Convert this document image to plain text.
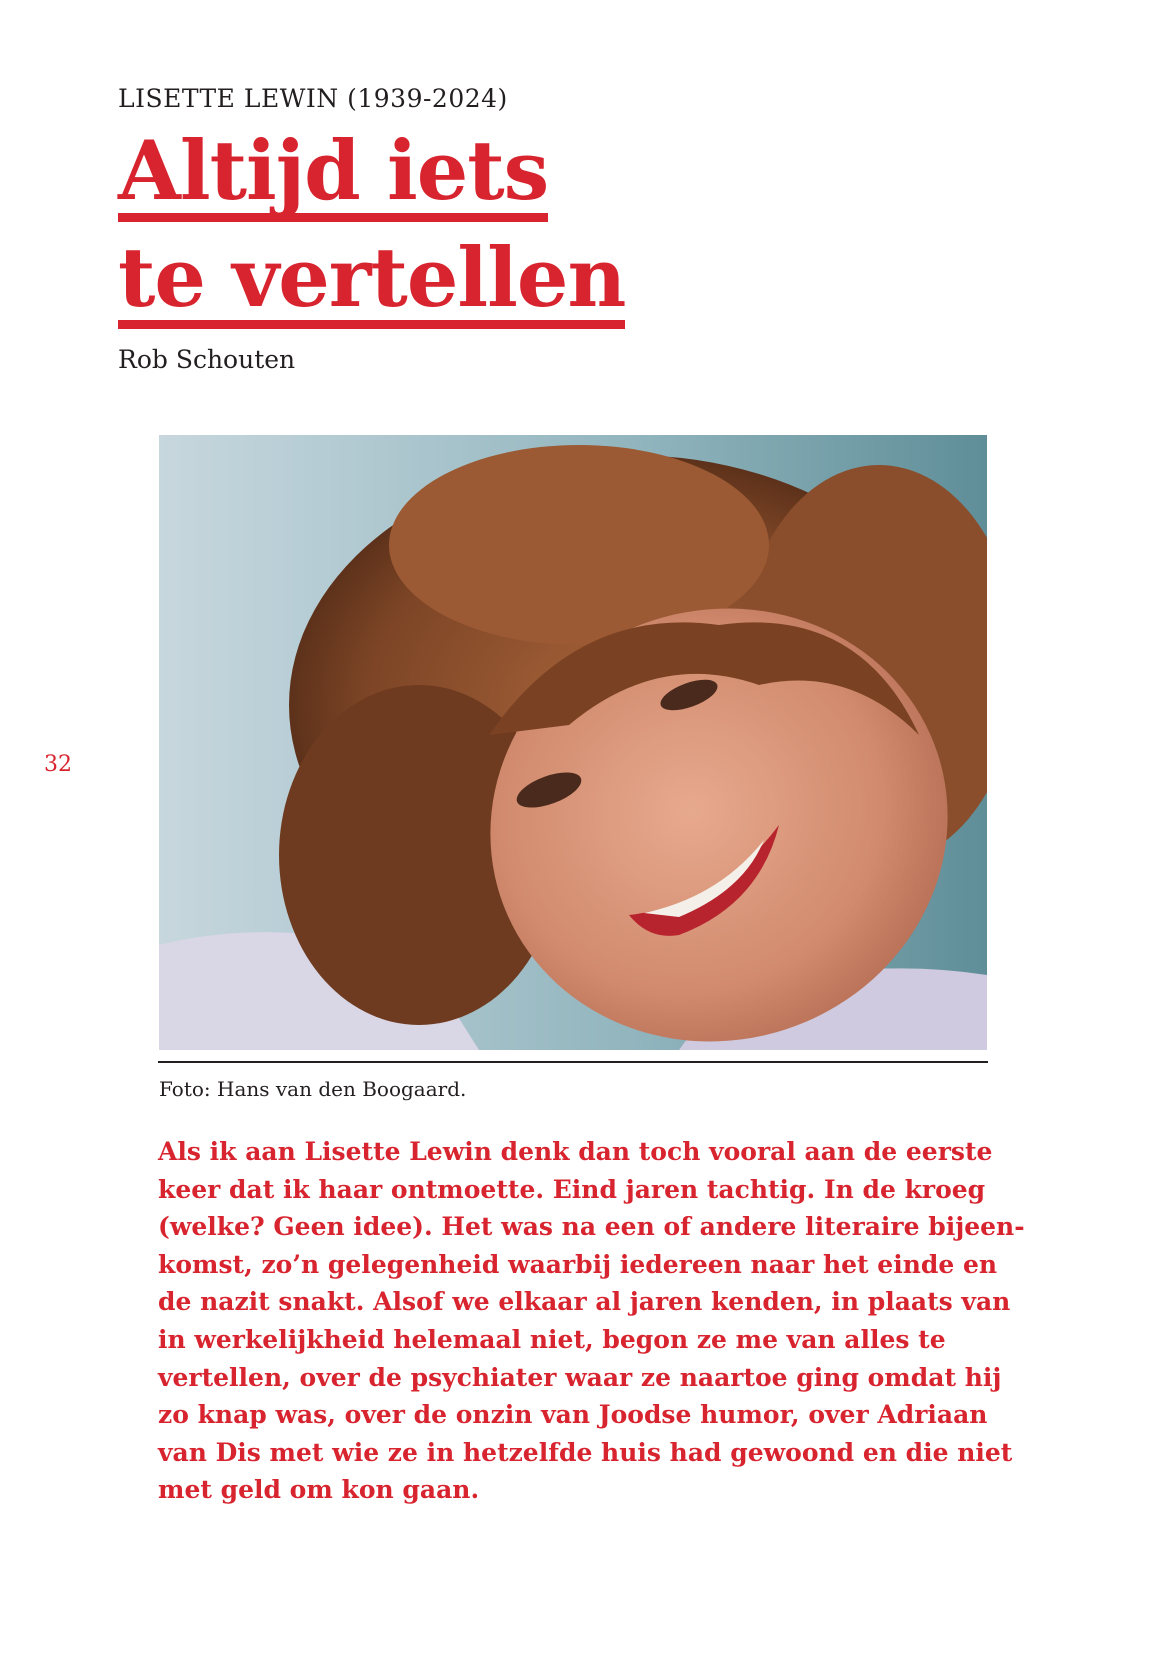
LISETTE LEWIN (1939-2024)
Altijd iets
te vertellen
Rob Schouten
32
Foto: Hans van den Boogaard.

Als ik aan Lisette Lewin denk dan toch vooral aan de eerste
keer dat ik haar ontmoette. Eind jaren tachtig. In de kroeg
(welke? Geen idee). Het was na een of andere literaire bijeen-
komst, zo’n gelegenheid waarbij iedereen naar het einde en
de nazit snakt. Alsof we elkaar al jaren kenden, in plaats van
in werkelijkheid helemaal niet, begon ze me van alles te
vertellen, over de psychiater waar ze naartoe ging omdat hij
zo knap was, over de onzin van Joodse humor, over Adriaan
van Dis met wie ze in hetzelfde huis had gewoond en die niet
met geld om kon gaan.
